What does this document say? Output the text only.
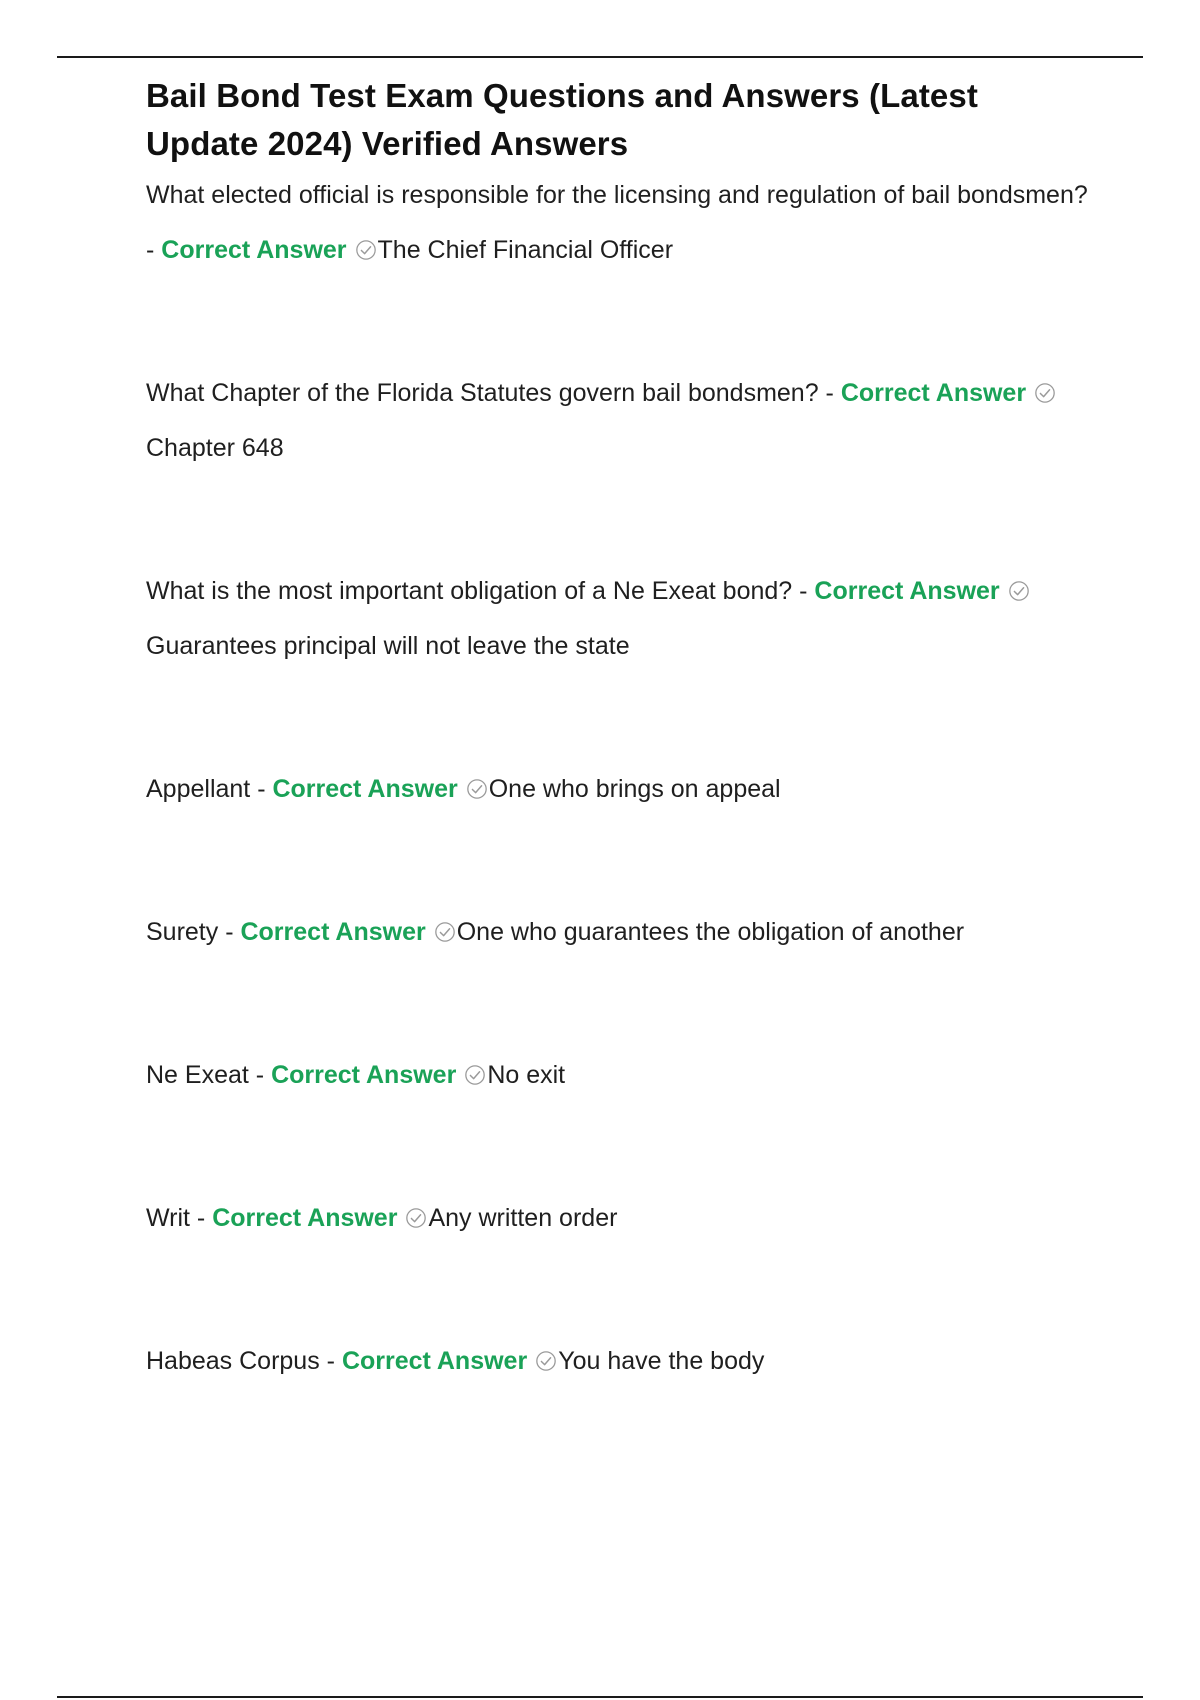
Bail Bond Test Exam Questions and Answers (Latest Update 2024) Verified Answers

What elected official is responsible for the licensing and regulation of bail bondsmen? - Correct Answer The Chief Financial Officer

What Chapter of the Florida Statutes govern bail bondsmen? - Correct AnswerChapter 648

What is the most important obligation of a Ne Exeat bond? - Correct AnswerGuarantees principal will not leave the state

Appellant - Correct Answer One who brings on appeal

Surety - Correct Answer One who guarantees the obligation of another

Ne Exeat - Correct Answer No exit

Writ - Correct Answer Any written order

Habeas Corpus - Correct Answer You have the body
